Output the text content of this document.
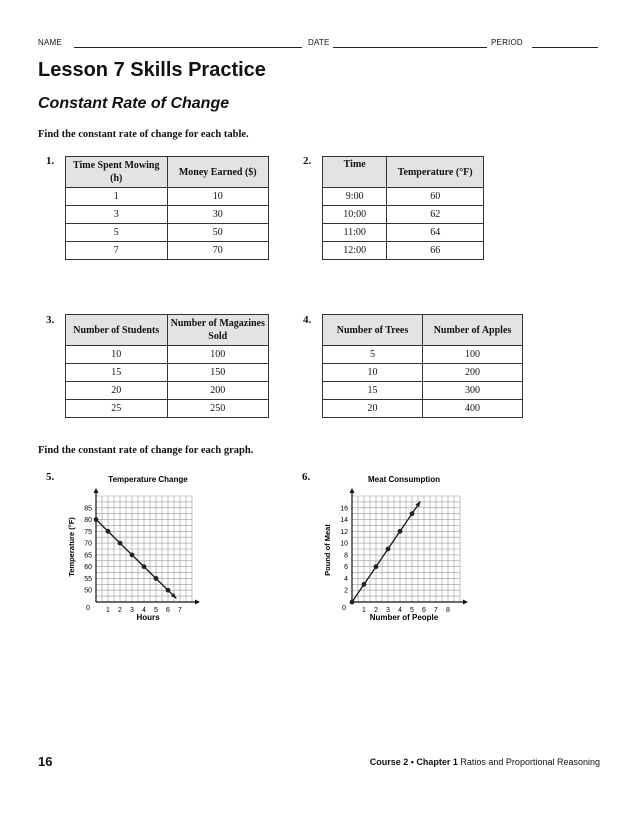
NAME	DATE	PERIOD
Lesson 7 Skills Practice
Constant Rate of Change
Find the constant rate of change for each table.
1. Time Spent Mowing (h)	Money Earned ($)
1	10
3	30
5	50
7	70
2.	Time	Temperature (°F)
9:00	60
10:00	62
11:00	64
12:00	66
3.
Number of Students	Number of Magazines Sold
10	100
15	150
20	200
25	250
4.
Number of Trees	Number of Apples
5	100
10	200
15	300
20	400
Find the constant rate of change for each graph.
5.	6.
Temperature Change
1 2 3 4 5 6 7
50
55
60
65
70
75
80
85
0
Hours
Temperature (°F)
Meat Consumption
1 2 3 4 5 6 7 8
2
4
6
8
10
12
14
16
0
Number of People
Pound of Meat
16	Course 2 • Chapter 1 Ratios and Proportional Reasoning
